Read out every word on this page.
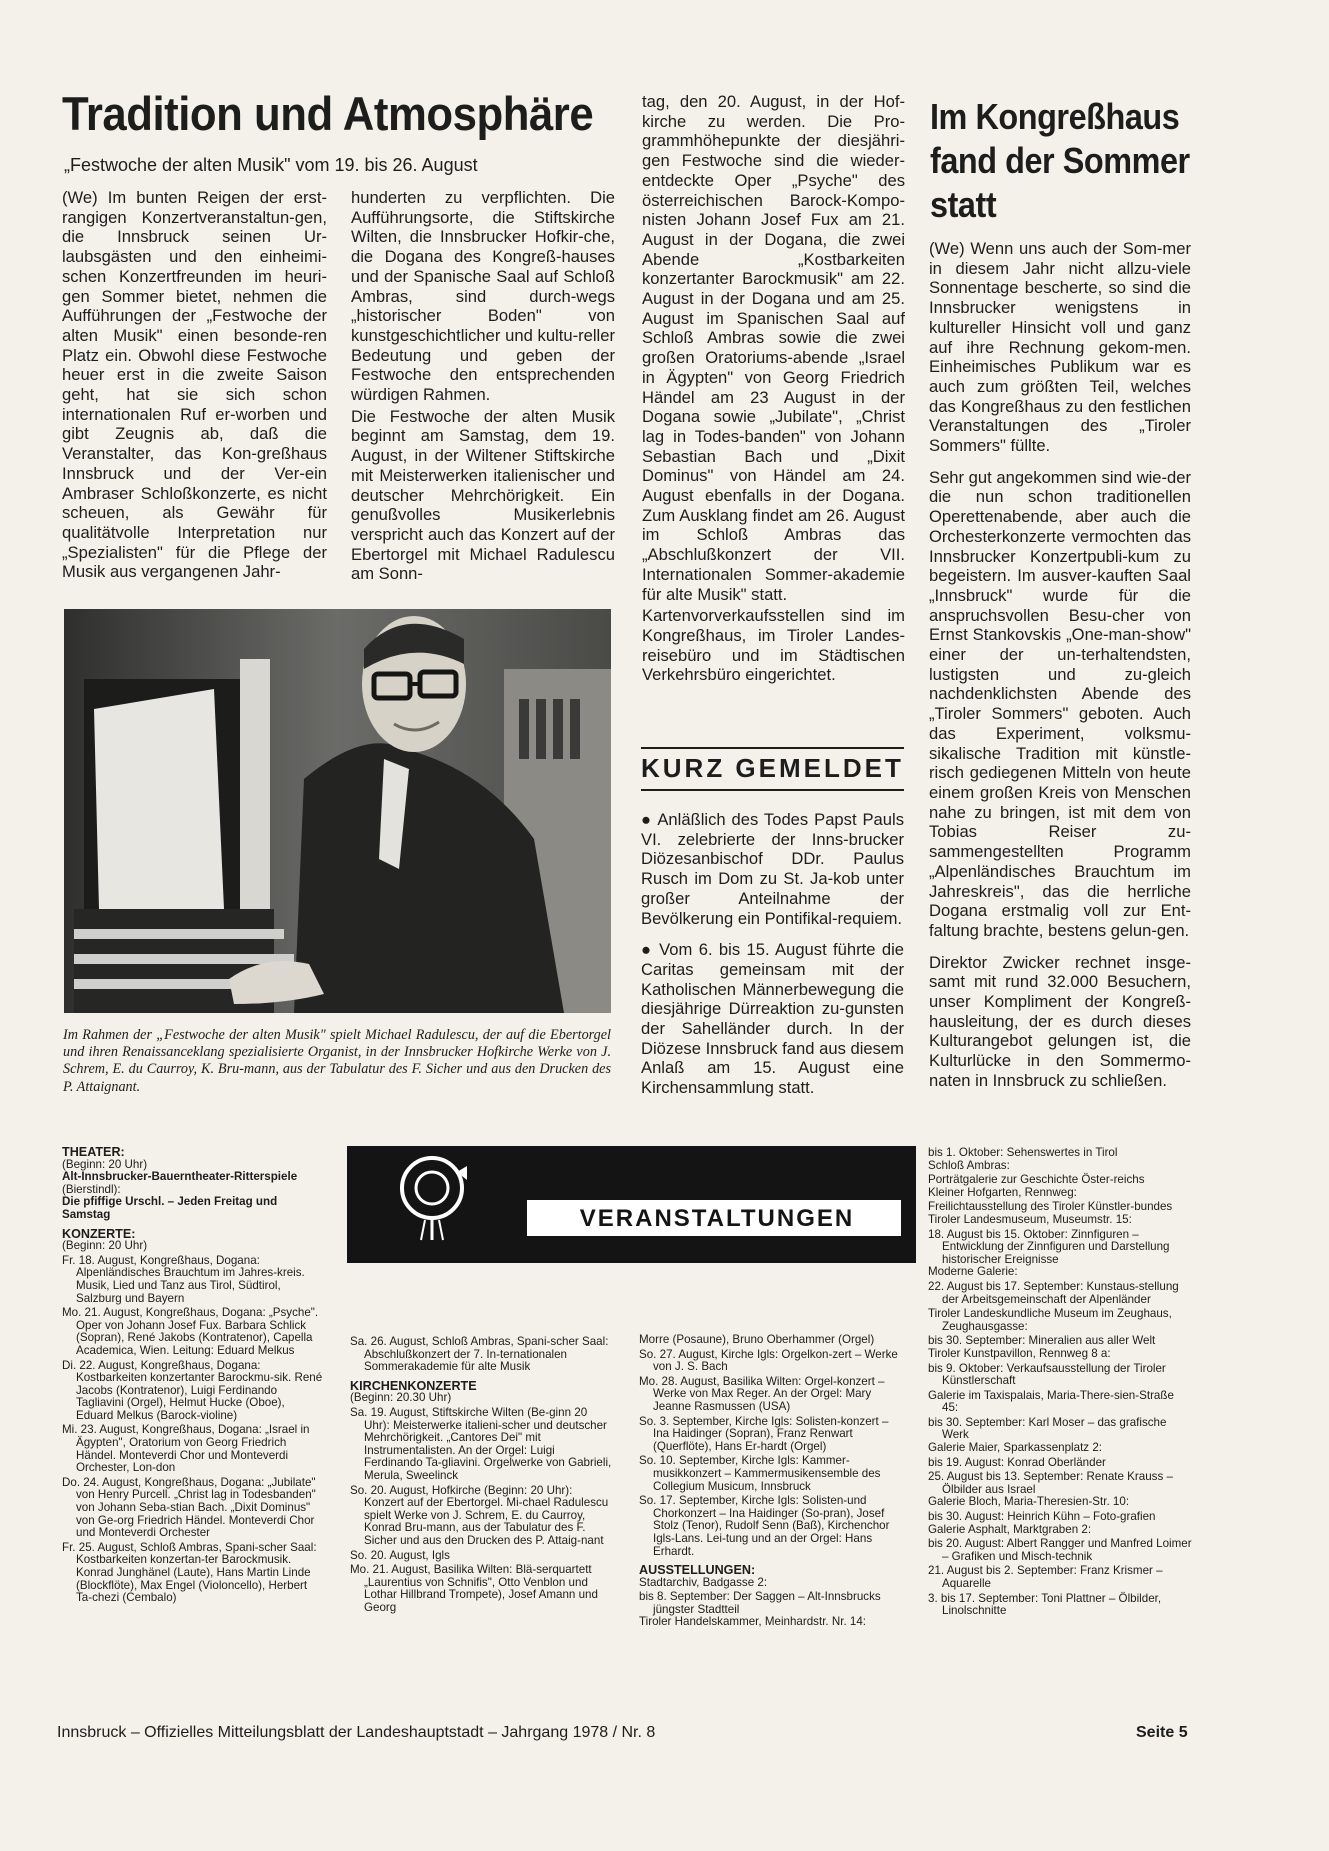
Tradition und Atmosphäre
„Festwoche der alten Musik" vom 19. bis 26. August

(We) Im bunten Reigen der erst-rangigen Konzertveranstaltun-gen, die Innsbruck seinen Ur-laubsgästen und den einheimi-schen Konzertfreunden im heuri-gen Sommer bietet, nehmen die Aufführungen der „Festwoche der alten Musik" einen besonde-ren Platz ein. Obwohl diese Festwoche heuer erst in die zweite Saison geht, hat sie sich schon internationalen Ruf er-worben und gibt Zeugnis ab, daß die Veranstalter, das Kon-greßhaus Innsbruck und der Ver-ein Ambraser Schloßkonzerte, es nicht scheuen, als Gewähr für qualitätvolle Interpretation nur „Spezialisten" für die Pflege der Musik aus vergangenen Jahr-

hunderten zu verpflichten. Die Aufführungsorte, die Stiftskirche Wilten, die Innsbrucker Hofkir-che, die Dogana des Kongreß-hauses und der Spanische Saal auf Schloß Ambras, sind durch-wegs „historischer Boden" von kunstgeschichtlicher und kultu-reller Bedeutung und geben der Festwoche den entsprechenden würdigen Rahmen.

Die Festwoche der alten Musik beginnt am Samstag, dem 19. August, in der Wiltener Stiftskirche mit Meisterwerken italienischer und deutscher Mehrchörigkeit. Ein genußvolles Musikerlebnis verspricht auch das Konzert auf der Ebertorgel mit Michael Radulescu am Sonn-

tag, den 20. August, in der Hof-kirche zu werden. Die Pro-grammhöhepunkte der diesjähri-gen Festwoche sind die wieder-entdeckte Oper „Psyche" des österreichischen Barock-Kompo-nisten Johann Josef Fux am 21. August in der Dogana, die zwei Abende „Kostbarkeiten konzertanter Barockmusik" am 22. August in der Dogana und am 25. August im Spanischen Saal auf Schloß Ambras sowie die zwei großen Oratoriums-abende „Israel in Ägypten" von Georg Friedrich Händel am 23 August in der Dogana sowie „Jubilate", „Christ lag in Todes-banden" von Johann Sebastian Bach und „Dixit Dominus" von Händel am 24. August ebenfalls in der Dogana. Zum Ausklang findet am 26. August im Schloß Ambras das „Abschlußkonzert der VII. Internationalen Sommer-akademie für alte Musik" statt.

Kartenvorverkaufsstellen sind im Kongreßhaus, im Tiroler Landes-reisebüro und im Städtischen Verkehrsbüro eingerichtet.

Im Rahmen der „Festwoche der alten Musik" spielt Michael Radulescu, der auf die Ebertorgel und ihren Renaissanceklang spezialisierte Organist, in der Innsbrucker Hofkirche Werke von J. Schrem, E. du Caurroy, K. Bru-mann, aus der Tabulatur des F. Sicher und aus den Drucken des P. Attaignant.
KURZ GEMELDET

● Anläßlich des Todes Papst Pauls VI. zelebrierte der Inns-brucker Diözesanbischof DDr. Paulus Rusch im Dom zu St. Ja-kob unter großer Anteilnahme der Bevölkerung ein Pontifikal-requiem.

● Vom 6. bis 15. August führte die Caritas gemeinsam mit der Katholischen Männerbewegung die diesjährige Dürreaktion zu-gunsten der Sahelländer durch. In der Diözese Innsbruck fand aus diesem Anlaß am 15. August eine Kirchensammlung statt.

Im Kongreßhaus
fand der Sommer
statt

(We) Wenn uns auch der Som-mer in diesem Jahr nicht allzu-viele Sonnentage bescherte, so sind die Innsbrucker wenigstens in kultureller Hinsicht voll und ganz auf ihre Rechnung gekom-men. Einheimisches Publikum war es auch zum größten Teil, welches das Kongreßhaus zu den festlichen Veranstaltungen des „Tiroler Sommers" füllte.

Sehr gut angekommen sind wie-der die nun schon traditionellen Operettenabende, aber auch die Orchesterkonzerte vermochten das Innsbrucker Konzertpubli-kum zu begeistern. Im ausver-kauften Saal „Innsbruck" wurde für die anspruchsvollen Besu-cher von Ernst Stankovskis „One-man-show" einer der un-terhaltendsten, lustigsten und zu-gleich nachdenklichsten Abende des „Tiroler Sommers" geboten. Auch das Experiment, volksmu-sikalische Tradition mit künstle-risch gediegenen Mitteln von heute einem großen Kreis von Menschen nahe zu bringen, ist mit dem von Tobias Reiser zu-sammengestellten Programm „Alpenländisches Brauchtum im Jahreskreis", das die herrliche Dogana erstmalig voll zur Ent-faltung brachte, bestens gelun-gen.

Direktor Zwicker rechnet insge-samt mit rund 32.000 Besuchern, unser Kompliment der Kongreß-hausleitung, der es durch dieses Kulturangebot gelungen ist, die Kulturlücke in den Sommermo-naten in Innsbruck zu schließen.

VERANSTALTUNGEN

THEATER:

(Beginn: 20 Uhr)

Alt-Innsbrucker-Bauerntheater-Ritterspiele

(Bierstindl):

Die pfiffige Urschl. – Jeden Freitag und Samstag

KONZERTE:

(Beginn: 20 Uhr)

Fr. 18. August, Kongreßhaus, Dogana: Alpenländisches Brauchtum im Jahres-kreis. Musik, Lied und Tanz aus Tirol, Südtirol, Salzburg und Bayern

Mo. 21. August, Kongreßhaus, Dogana: „Psyche". Oper von Johann Josef Fux. Barbara Schlick (Sopran), René Jakobs (Kontratenor), Capella Academica, Wien. Leitung: Eduard Melkus

Di. 22. August, Kongreßhaus, Dogana: Kostbarkeiten konzertanter Barockmu-sik. René Jacobs (Kontratenor), Luigi Ferdinando Tagliavini (Orgel), Helmut Hucke (Oboe), Eduard Melkus (Barock-violine)

Mi. 23. August, Kongreßhaus, Dogana: „Israel in Ägypten", Oratorium von Georg Friedrich Händel. Monteverdi Chor und Monteverdi Orchester, Lon-don

Do. 24. August, Kongreßhaus, Dogana: „Jubilate" von Henry Purcell. „Christ lag in Todesbanden" von Johann Seba-stian Bach. „Dixit Dominus" von Ge-org Friedrich Händel. Monteverdi Chor und Monteverdi Orchester

Fr. 25. August, Schloß Ambras, Spani-scher Saal: Kostbarkeiten konzertan-ter Barockmusik. Konrad Junghänel (Laute), Hans Martin Linde (Blockflöte), Max Engel (Violoncello), Herbert Ta-chezi (Cembalo)

Sa. 26. August, Schloß Ambras, Spani-scher Saal: Abschlußkonzert der 7. In-ternationalen Sommerakademie für alte Musik

KIRCHENKONZERTE

(Beginn: 20.30 Uhr)

Sa. 19. August, Stiftskirche Wilten (Be-ginn 20 Uhr): Meisterwerke italieni-scher und deutscher Mehrchörigkeit. „Cantores Dei" mit Instrumentalisten. An der Orgel: Luigi Ferdinando Ta-gliavini. Orgelwerke von Gabrieli, Merula, Sweelinck

So. 20. August, Hofkirche (Beginn: 20 Uhr): Konzert auf der Ebertorgel. Mi-chael Radulescu spielt Werke von J. Schrem, E. du Caurroy, Konrad Bru-mann, aus der Tabulatur des F. Sicher und aus den Drucken des P. Attaig-nant

So. 20. August, Igls

Mo. 21. August, Basilika Wilten: Blä-serquartett „Laurentius von Schnifis", Otto Venblon und Lothar Hillbrand Trompete), Josef Amann und Georg

Morre (Posaune), Bruno Oberhammer (Orgel)

So. 27. August, Kirche Igls: Orgelkon-zert – Werke von J. S. Bach

Mo. 28. August, Basilika Wilten: Orgel-konzert – Werke von Max Reger. An der Orgel: Mary Jeanne Rasmussen (USA)

So. 3. September, Kirche Igls: Solisten-konzert – Ina Haidinger (Sopran), Franz Renwart (Querflöte), Hans Er-hardt (Orgel)

So. 10. September, Kirche Igls: Kammer-musikkonzert – Kammermusikensemble des Collegium Musicum, Innsbruck

So. 17. September, Kirche Igls: Solisten-und Chorkonzert – Ina Haidinger (So-pran), Josef Stolz (Tenor), Rudolf Senn (Baß), Kirchenchor Igls-Lans. Lei-tung und an der Orgel: Hans Erhardt.

AUSSTELLUNGEN:

Stadtarchiv, Badgasse 2:

bis 8. September: Der Saggen – Alt-Innsbrucks jüngster Stadtteil

Tiroler Handelskammer, Meinhardstr. Nr. 14:

bis 1. Oktober: Sehenswertes in Tirol

Schloß Ambras:

Porträtgalerie zur Geschichte Öster-reichs

Kleiner Hofgarten, Rennweg:

Freilichtausstellung des Tiroler Künstler-bundes

Tiroler Landesmuseum, Museumstr. 15:

18. August bis 15. Oktober: Zinnfiguren – Entwicklung der Zinnfiguren und Darstellung historischer Ereignisse

Moderne Galerie:

22. August bis 17. September: Kunstaus-stellung der Arbeitsgemeinschaft der Alpenländer

Tiroler Landeskundliche Museum im Zeughaus, Zeughausgasse:

bis 30. September: Mineralien aus aller Welt

Tiroler Kunstpavillon, Rennweg 8 a:

bis 9. Oktober: Verkaufsausstellung der Tiroler Künstlerschaft

Galerie im Taxispalais, Maria-There-sien-Straße 45:

bis 30. September: Karl Moser – das grafische Werk

Galerie Maier, Sparkassenplatz 2:

bis 19. August: Konrad Oberländer

25. August bis 13. September: Renate Krauss – Ölbilder aus Israel

Galerie Bloch, Maria-Theresien-Str. 10:

bis 30. August: Heinrich Kühn – Foto-grafien

Galerie Asphalt, Marktgraben 2:

bis 20. August: Albert Rangger und Manfred Loimer – Grafiken und Misch-technik

21. August bis 2. September: Franz Krismer – Aquarelle

3. bis 17. September: Toni Plattner – Ölbilder, Linolschnitte

Innsbruck – Offizielles Mitteilungsblatt der Landeshauptstadt – Jahrgang 1978 / Nr. 8	Seite 5
